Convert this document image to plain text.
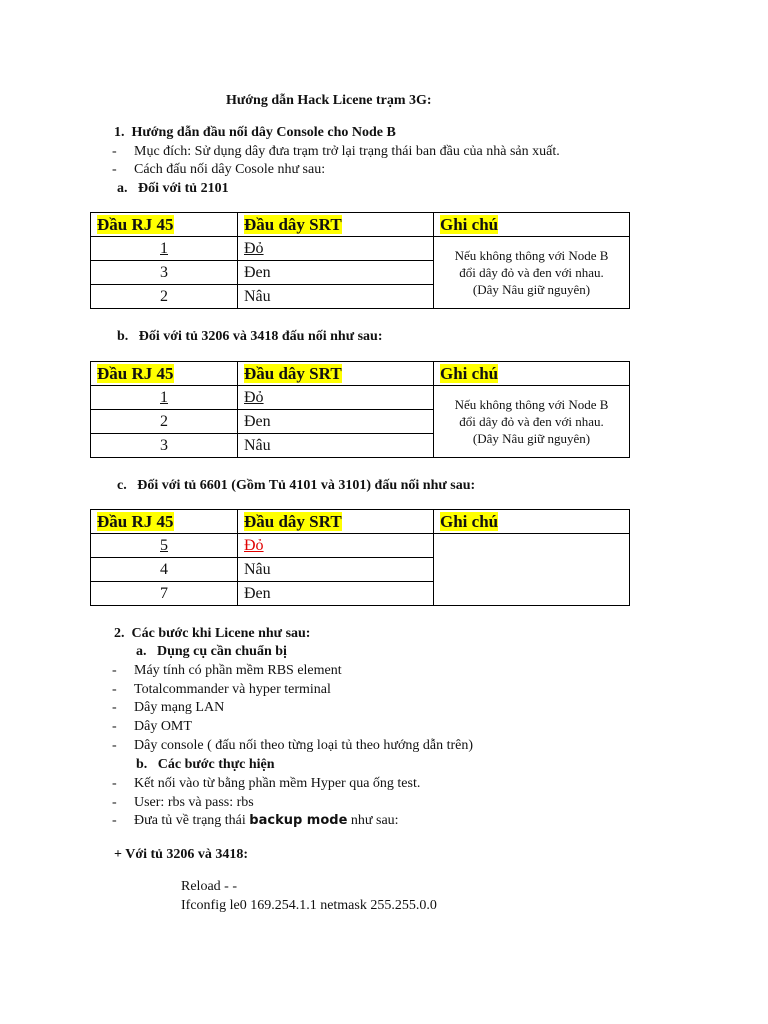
Hướng dẫn Hack Licene trạm 3G:
1.  Hướng dẫn đầu nối dây Console cho Node B
- Mục đích: Sử dụng dây đưa trạm trở lại trạng thái ban đầu của nhà sản xuất.
- Cách đấu nối dây Cosole như sau:
a.   Đối với tủ 2101
Đầu RJ 45	Đầu dây SRT	Ghi chú
1	Đỏ	Nếu không thông với Node B
đổi dây đỏ và đen với nhau.
(Dây Nâu giữ nguyên)

3	Đen	
2	Nâu	
b.   Đối với tủ 3206 và 3418 đấu nối như sau:
Đầu RJ 45	Đầu dây SRT	Ghi chú
1	Đỏ	Nếu không thông với Node B
đổi dây đỏ và đen với nhau.
(Dây Nâu giữ nguyên)

2	Đen	
3	Nâu	
c.   Đối với tủ 6601 (Gồm Tủ 4101 và 3101) đấu nối như sau:
Đầu RJ 45	Đầu dây SRT	Ghi chú
5	Đỏ	
4	Nâu	
7	Đen	
2.  Các bước khi Licene như sau:
a.   Dụng cụ cần chuẩn bị
- Máy tính có phần mềm RBS element
- Totalcommander và hyper terminal
- Dây mạng LAN
- Dây OMT
- Dây console ( đấu nối theo từng loại tủ theo hướng dẫn trên)
b.   Các bước thực hiện
- Kết nối vào từ bằng phần mềm Hyper qua ống test.
- User: rbs và pass: rbs
- Đưa tủ về trạng thái backup mode như sau:
+ Với tủ 3206 và 3418:
Reload - -
Ifconfig le0 169.254.1.1 netmask 255.255.0.0
